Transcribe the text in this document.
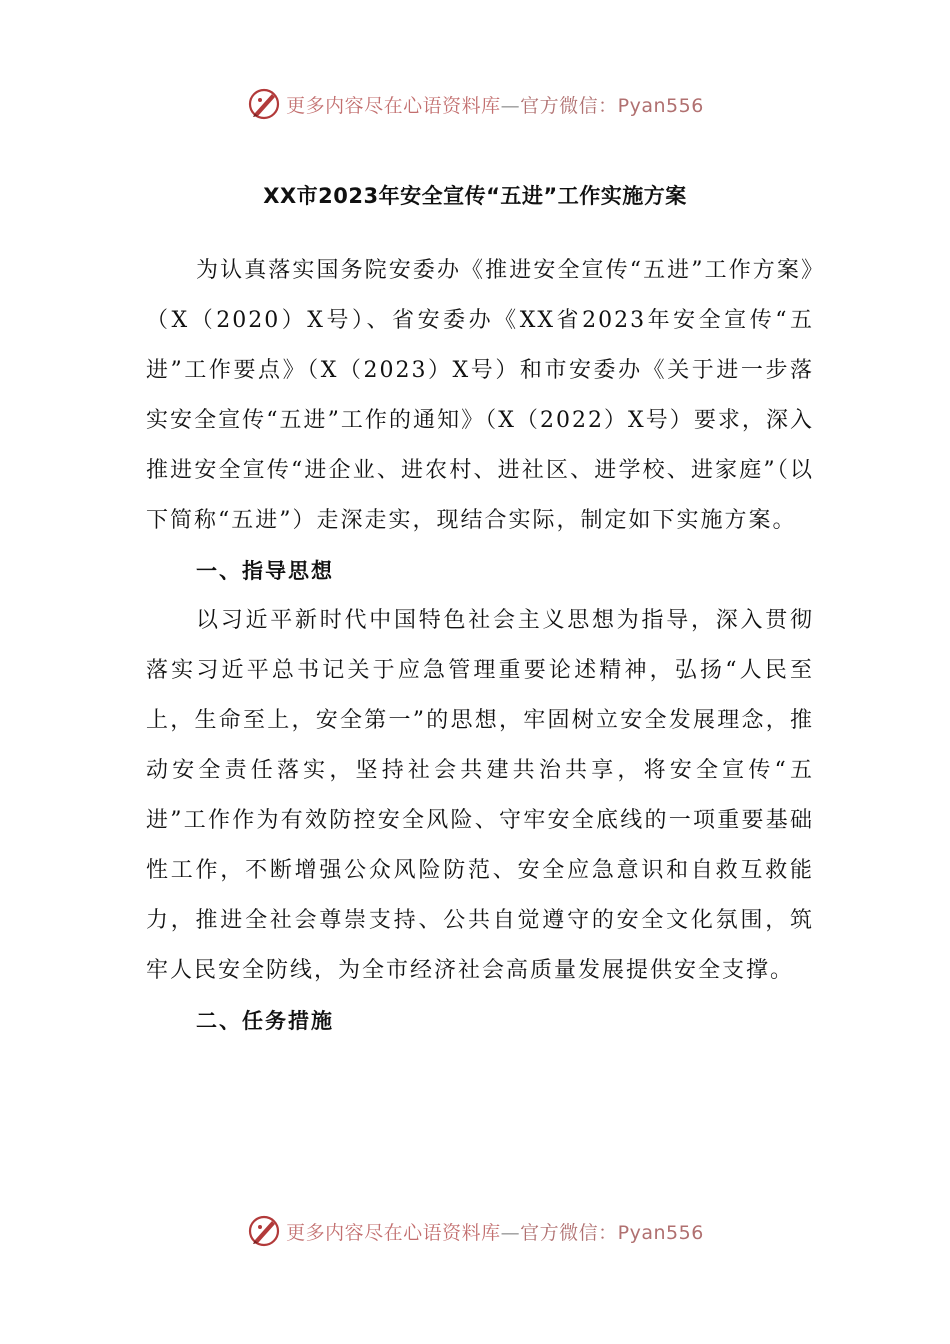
更多内容尽在心语资料库—官方微信：Pyan556
XX市2023年安全宣传“五进”工作实施方案

为认真落实国务院安委办《推进安全宣传“五进”工作方案》（X（2020）X号）、省安委办《XX省2023年安全宣传“五进”工作要点》（X（2023）X号）和市安委办《关于进一步落实安全宣传“五进”工作的通知》（X（2022）X号）要求，深入推进安全宣传“进企业、进农村、进社区、进学校、进家庭”（以下简称“五进”）走深走实，现结合实际，制定如下实施方案。

一、指导思想

以习近平新时代中国特色社会主义思想为指导，深入贯彻落实习近平总书记关于应急管理重要论述精神，弘扬“人民至上，生命至上，安全第一”的思想，牢固树立安全发展理念，推动安全责任落实，坚持社会共建共治共享，将安全宣传“五进”工作作为有效防控安全风险、守牢安全底线的一项重要基础性工作，不断增强公众风险防范、安全应急意识和自救互救能力，推进全社会尊崇支持、公共自觉遵守的安全文化氛围，筑牢人民安全防线，为全市经济社会高质量发展提供安全支撑。

二、任务措施

更多内容尽在心语资料库—官方微信：Pyan556
